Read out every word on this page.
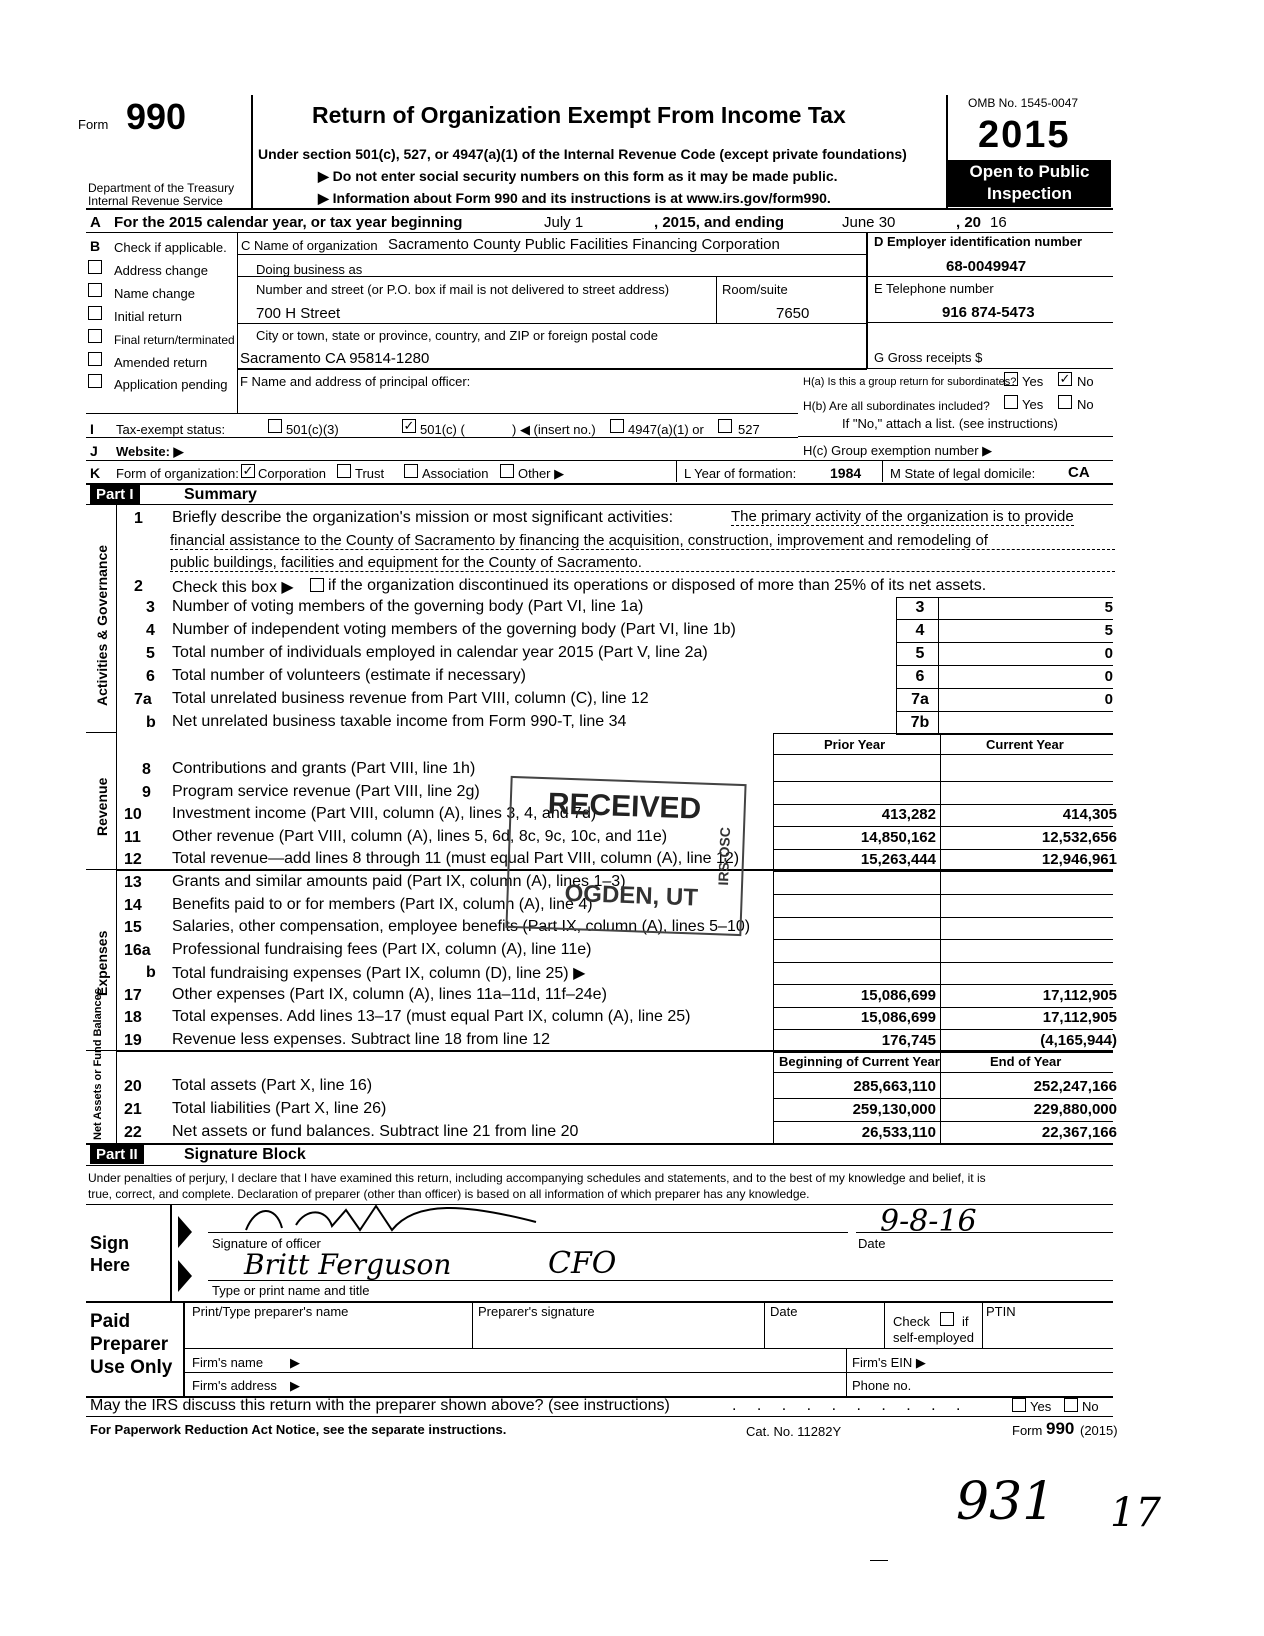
Form 990
Department of the Treasury
Internal Revenue Service
Return of Organization Exempt From Income Tax
Under section 501(c), 527, or 4947(a)(1) of the Internal Revenue Code (except private foundations)
▶ Do not enter social security numbers on this form as it may be made public.
▶ Information about Form 990 and its instructions is at www.irs.gov/form990.
OMB No. 1545-0047
2015
Open to Public Inspection
A For the 2015 calendar year, or tax year beginning	July 1	, 2015, and ending	June 30	, 20 16
B Check if applicable.
Address change
Name change
Initial return
Final return/terminated
Amended return
Application pending
C Name of organization Sacramento County Public Facilities Financing Corporation
Doing business as
Number and street (or P.O. box if mail is not delivered to street address)	Room/suite
700 H Street	7650
City or town, state or province, country, and ZIP or foreign postal code
Sacramento CA 95814-1280
F Name and address of principal officer:
D Employer identification number
68-0049947
E Telephone number
916 874-5473
G Gross receipts $
H(a) Is this a group return for subordinates? Yes ✓ No
H(b) Are all subordinates included? Yes	No
If "No," attach a list. (see instructions)
H(c) Group exemption number ▶
I Tax-exempt status:	501(c)(3)	✓ 501(c) (	) ◀ (insert no.) 4947(a)(1) or	527
J Website: ▶
K Form of organization: ✓ Corporation Trust	Association Other ▶	L Year of formation: 1984 M State of legal domicile: CA
Part I	Summary
Activities & Governance
Revenue
Expenses
Net Assets or Fund Balances
1 Briefly describe the organization's mission or most significant activities:	The primary activity of the organization is to provide
financial assistance to the County of Sacramento by financing the acquisition, construction, improvement and remodeling of
public buildings, facilities and equipment for the County of Sacramento.
2 Check this box ▶ if the organization discontinued its operations or disposed of more than 25% of its net assets.
3 Number of voting members of the governing body (Part VI, line 1a)	3	5
4 Number of independent voting members of the governing body (Part VI, line 1b)	4	5
5 Total number of individuals employed in calendar year 2015 (Part V, line 2a)	5	0
6 Total number of volunteers (estimate if necessary)	6	0
7a Total unrelated business revenue from Part VIII, column (C), line 12	7a	0
b Net unrelated business taxable income from Form 990-T, line 34	7b
Prior Year	Current Year
8 Contributions and grants (Part VIII, line 1h)
9 Program service revenue (Part VIII, line 2g)
10 Investment income (Part VIII, column (A), lines 3, 4, and 7d)	413,282	414,305
11 Other revenue (Part VIII, column (A), lines 5, 6d, 8c, 9c, 10c, and 11e)	14,850,162	12,532,656
12 Total revenue—add lines 8 through 11 (must equal Part VIII, column (A), line 12)	15,263,444	12,946,961
13 Grants and similar amounts paid (Part IX, column (A), lines 1–3)
14 Benefits paid to or for members (Part IX, column (A), line 4)
15 Salaries, other compensation, employee benefits (Part IX, column (A), lines 5–10)
16a Professional fundraising fees (Part IX, column (A), line 11e)
b Total fundraising expenses (Part IX, column (D), line 25) ▶
17 Other expenses (Part IX, column (A), lines 11a–11d, 11f–24e)	15,086,699	17,112,905
18 Total expenses. Add lines 13–17 (must equal Part IX, column (A), line 25)	15,086,699	17,112,905
19 Revenue less expenses. Subtract line 18 from line 12	176,745	(4,165,944)
Beginning of Current Year	End of Year
20 Total assets (Part X, line 16)	285,663,110	252,247,166
21 Total liabilities (Part X, line 26)	259,130,000	229,880,000
22 Net assets or fund balances. Subtract line 21 from line 20	26,533,110	22,367,166
RECEIVED
OGDEN, UT
IRS-OSC
Part II	Signature Block
Under penalties of perjury, I declare that I have examined this return, including accompanying schedules and statements, and to the best of my knowledge and belief, it is
true, correct, and complete. Declaration of preparer (other than officer) is based on all information of which preparer has any knowledge.
Sign Here
Signature of officer	Date
9-8-16
Britt Ferguson	CFO
Type or print name and title
Paid Preparer Use Only
Print/Type preparer's name	Preparer's signature	Date
Check if
self-employed
PTIN
Firm's name ▶	Firm's EIN ▶
Firm's address ▶	Phone no.
May the IRS discuss this return with the preparer shown above? (see instructions)	. . . . . . . . . .	Yes No
For Paperwork Reduction Act Notice, see the separate instructions.	Cat. No. 11282Y	Form 990 (2015)
931 17
